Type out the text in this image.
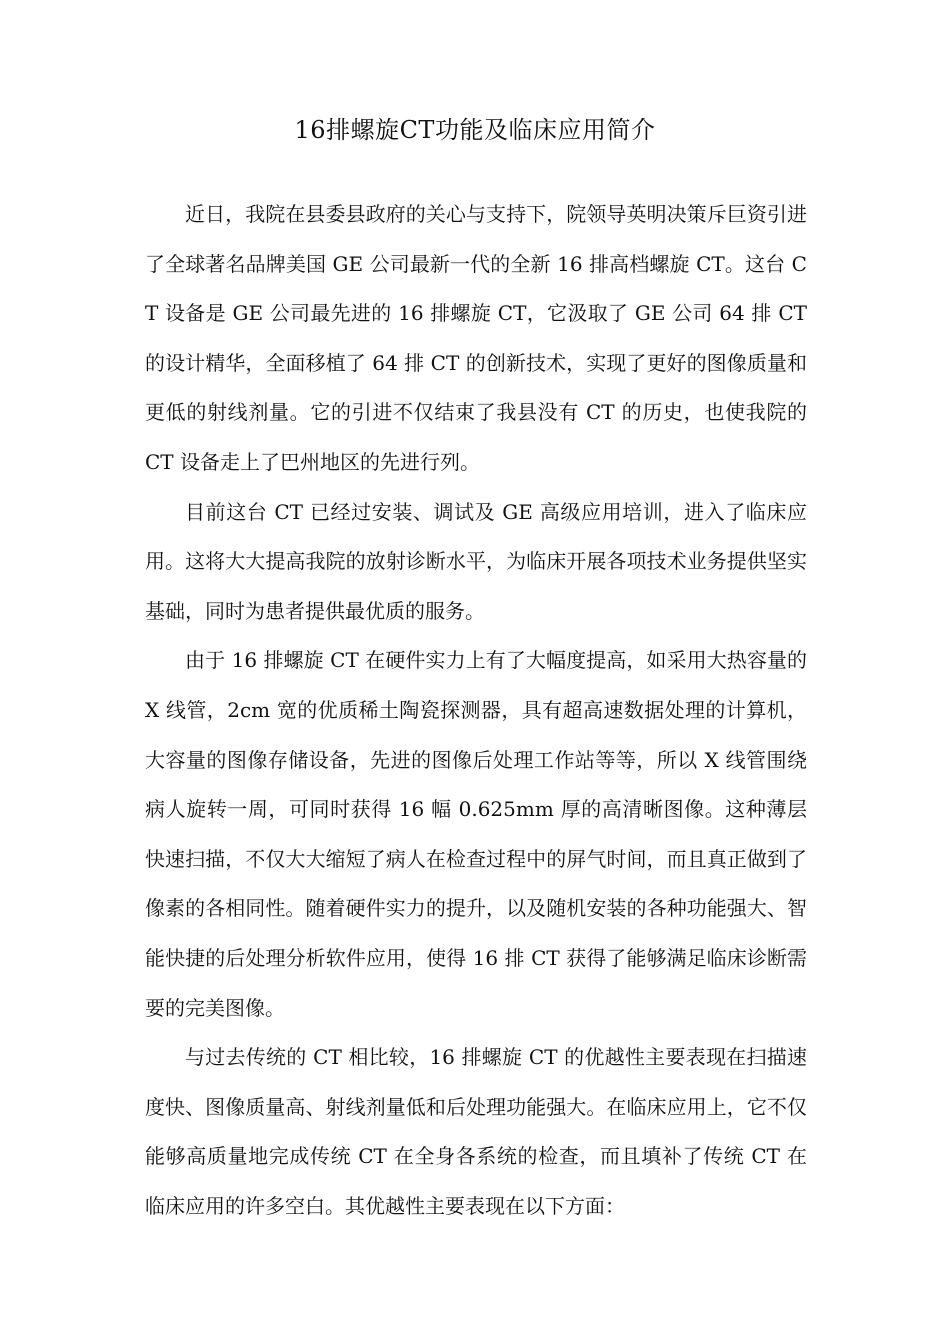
16排螺旋CT功能及临床应用简介

近日，我院在县委县政府的关心与支持下，院领导英明决策斥巨资引进了全球著名品牌美国 GE 公司最新一代的全新 16 排高档螺旋 CT。这台 CT 设备是 GE 公司最先进的 16 排螺旋 CT，它汲取了 GE 公司 64 排 CT 的设计精华，全面移植了 64 排 CT 的创新技术，实现了更好的图像质量和更低的射线剂量。它的引进不仅结束了我县没有 CT 的历史，也使我院的 CT 设备走上了巴州地区的先进行列。

目前这台 CT 已经过安装、调试及 GE 高级应用培训，进入了临床应用。这将大大提高我院的放射诊断水平，为临床开展各项技术业务提供坚实基础，同时为患者提供最优质的服务。

由于 16 排螺旋 CT 在硬件实力上有了大幅度提高，如采用大热容量的 X 线管，2cm 宽的优质稀土陶瓷探测器，具有超高速数据处理的计算机，大容量的图像存储设备，先进的图像后处理工作站等等，所以 X 线管围绕病人旋转一周，可同时获得 16 幅 0.625mm 厚的高清晰图像。这种薄层快速扫描，不仅大大缩短了病人在检查过程中的屏气时间，而且真正做到了像素的各相同性。随着硬件实力的提升，以及随机安装的各种功能强大、智能快捷的后处理分析软件应用，使得 16 排 CT 获得了能够满足临床诊断需要的完美图像。

与过去传统的 CT 相比较，16 排螺旋 CT 的优越性主要表现在扫描速度快、图像质量高、射线剂量低和后处理功能强大。在临床应用上，它不仅能够高质量地完成传统 CT 在全身各系统的检查，而且填补了传统 CT 在临床应用的许多空白。其优越性主要表现在以下方面：
